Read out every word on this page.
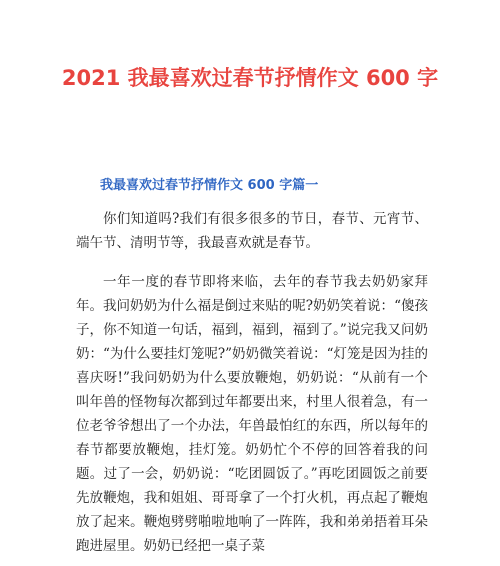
2021 我最喜欢过春节抒情作文 600 字
我最喜欢过春节抒情作文 600 字篇一

你们知道吗?我们有很多很多的节日，春节、元宵节、端午节、清明节等，我最喜欢就是春节。

一年一度的春节即将来临，去年的春节我去奶奶家拜年。我问奶奶为什么福是倒过来贴的呢?奶奶笑着说：“傻孩子，你不知道一句话，福到，福到，福到了。”说完我又问奶奶：“为什么要挂灯笼呢?”奶奶微笑着说：“灯笼是因为挂的喜庆呀!”我问奶奶为什么要放鞭炮，奶奶说：“从前有一个叫年兽的怪物每次都到过年都要出来，村里人很着急，有一位老爷爷想出了一个办法，年兽最怕红的东西，所以每年的春节都要放鞭炮，挂灯笼。奶奶忙个不停的回答着我的问题。过了一会，奶奶说：“吃团圆饭了。”再吃团圆饭之前要先放鞭炮，我和姐姐、哥哥拿了一个打火机，再点起了鞭炮放了起来。鞭炮劈劈啪啦地响了一阵阵，我和弟弟捂着耳朵跑进屋里。奶奶已经把一桌子菜
